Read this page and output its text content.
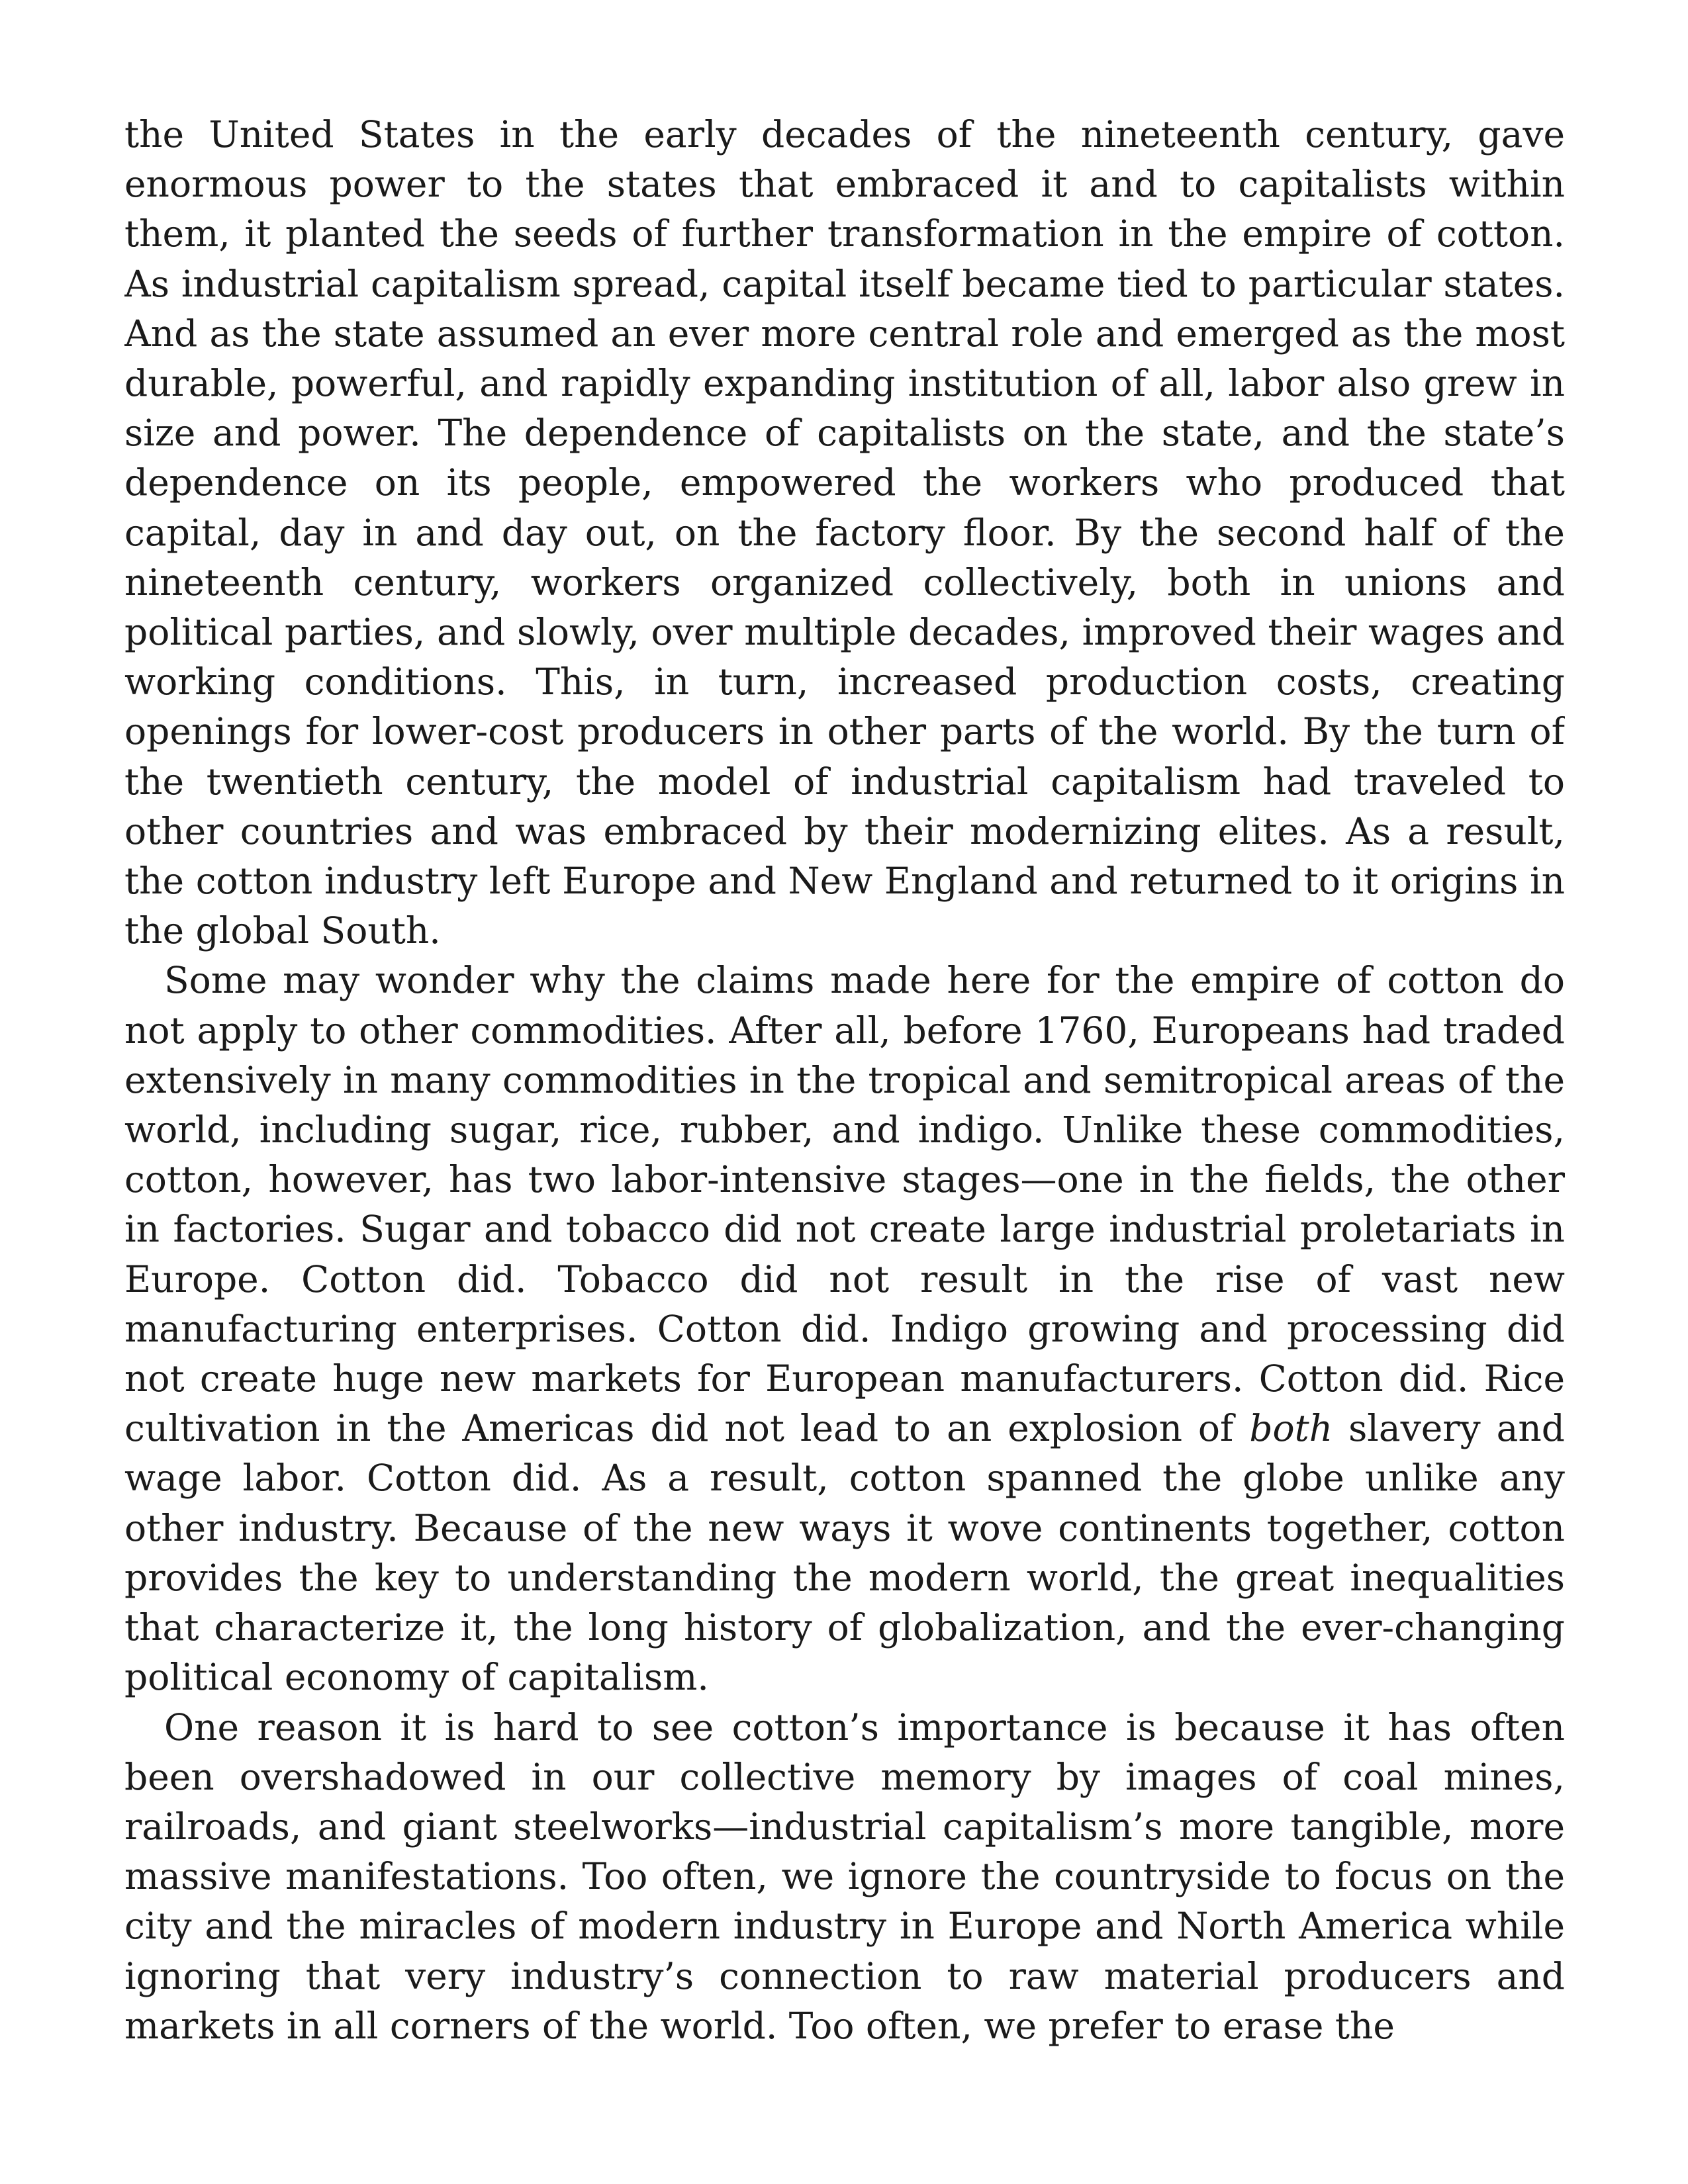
the United States in the early decades of the nineteenth century, gave enormous power to the states that embraced it and to capitalists within them, it planted the seeds of further transformation in the empire of cotton. As industrial capitalism spread, capital itself became tied to particular states. And as the state assumed an ever more central role and emerged as the most durable, powerful, and rapidly expanding institution of all, labor also grew in size and power. The dependence of capitalists on the state, and the state’s dependence on its people, empowered the workers who produced that capital, day in and day out, on the factory floor. By the second half of the nineteenth century, workers organized collectively, both in unions and political parties, and slowly, over multiple decades, improved their wages and working conditions. This, in turn, increased production costs, creating openings for lower-cost producers in other parts of the world. By the turn of the twentieth century, the model of industrial capitalism had traveled to other countries and was embraced by their modernizing elites. As a result, the cotton industry left Europe and New England and returned to it origins in the global South.

Some may wonder why the claims made here for the empire of cotton do not apply to other commodities. After all, before 1760, Europeans had traded extensively in many commodities in the tropical and semitropical areas of the world, including sugar, rice, rubber, and indigo. Unlike these commodities, cotton, however, has two labor-intensive stages—one in the fields, the other in factories. Sugar and tobacco did not create large industrial proletariats in Europe. Cotton did. Tobacco did not result in the rise of vast new manufacturing enterprises. Cotton did. Indigo growing and processing did not create huge new markets for European manufacturers. Cotton did. Rice cultivation in the Americas did not lead to an explosion of both slavery and wage labor. Cotton did. As a result, cotton spanned the globe unlike any other industry. Because of the new ways it wove continents together, cotton provides the key to understanding the modern world, the great inequalities that characterize it, the long history of globalization, and the ever-changing political economy of capitalism.

One reason it is hard to see cotton’s importance is because it has often been overshadowed in our collective memory by images of coal mines, railroads, and giant steelworks—industrial capitalism’s more tangible, more massive manifestations. Too often, we ignore the countryside to focus on the city and the miracles of modern industry in Europe and North America while ignoring that very industry’s connection to raw material producers and markets in all corners of the world. Too often, we prefer to erase the
